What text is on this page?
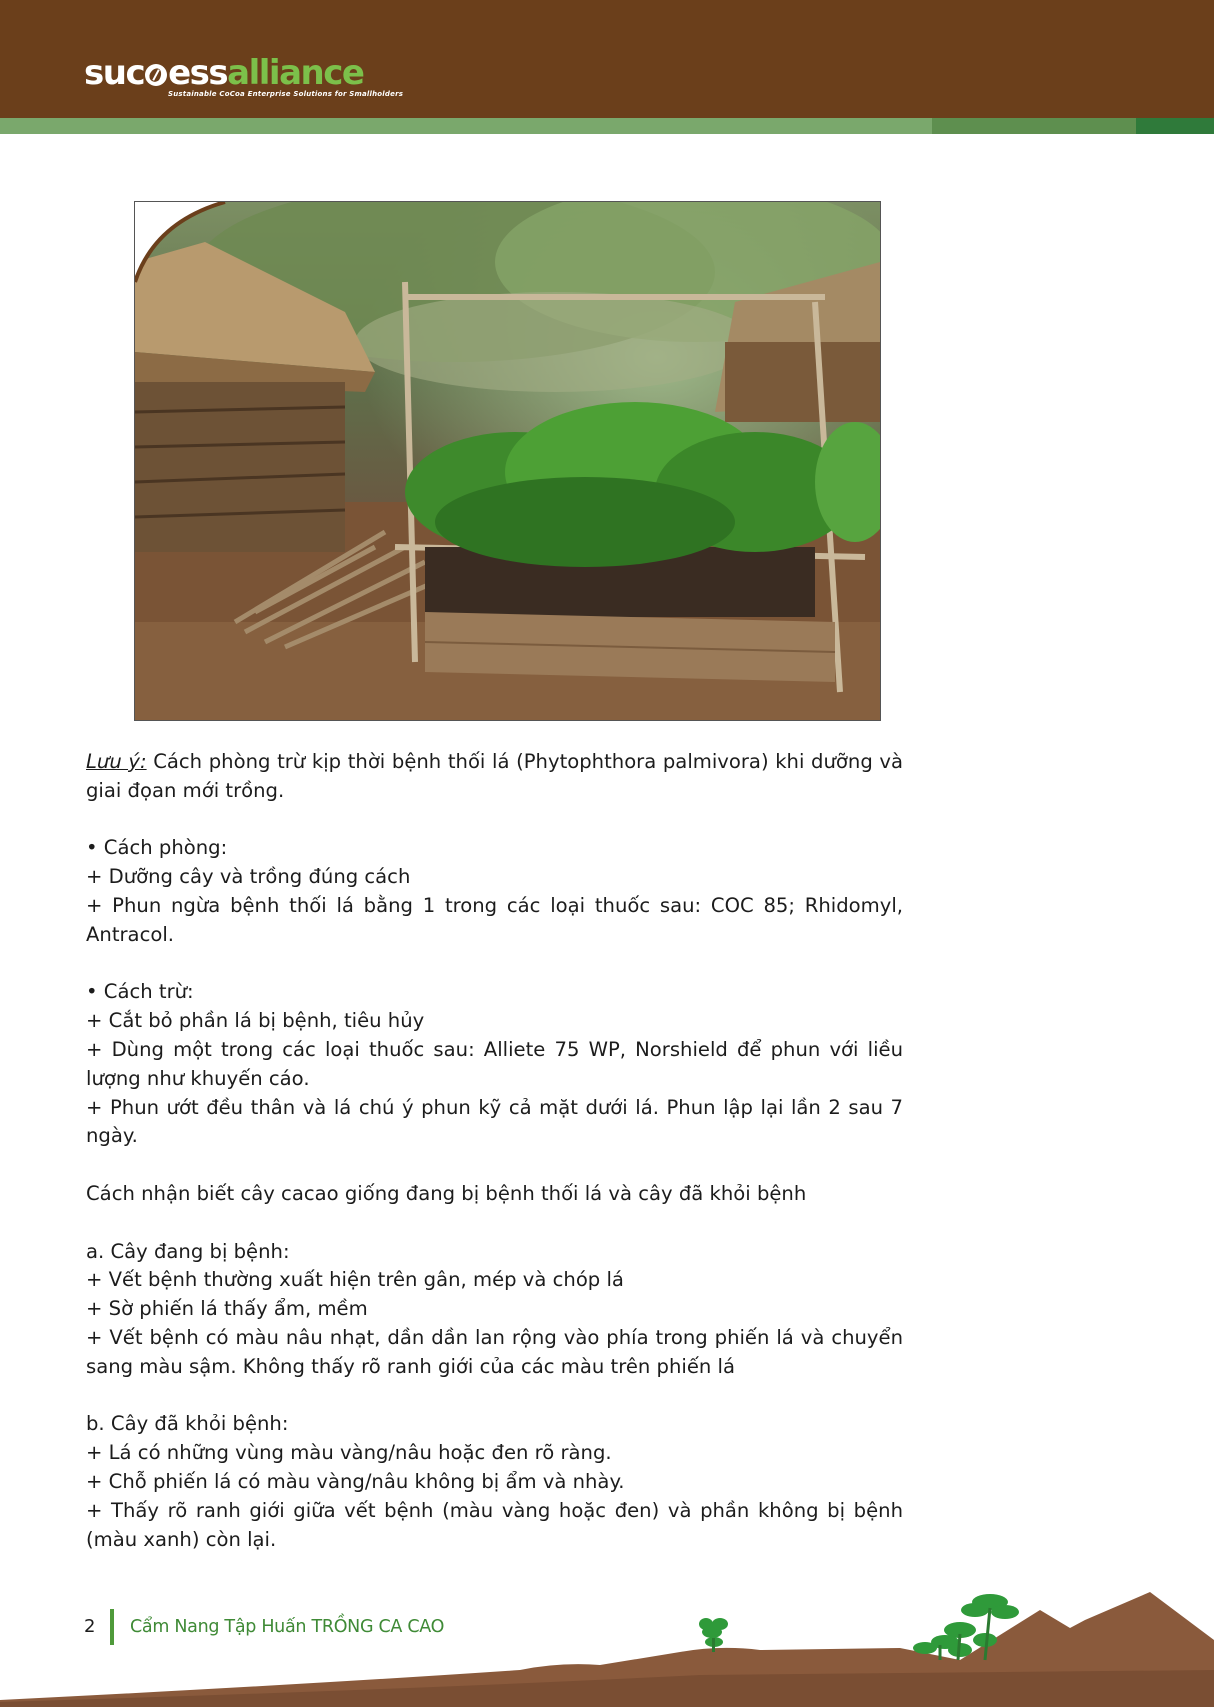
suc essalliance
Sustainable CoCoa Enterprise Solutions for Smallholders

Lưu ý: Cách phòng trừ kịp thời bệnh thối lá (Phytophthora palmivora) khi dưỡng và giai đọan mới trồng.

• Cách phòng:

+ Dưỡng cây và trồng đúng cách

+ Phun ngừa bệnh thối lá bằng 1 trong các loại thuốc sau: COC 85; Rhidomyl, Antracol.

• Cách trừ:

+ Cắt bỏ phần lá bị bệnh, tiêu hủy

+ Dùng một trong các loại thuốc sau: Alliete 75 WP, Norshield để phun với liều lượng như khuyến cáo.

+ Phun ướt đều thân và lá chú ý phun kỹ cả mặt dưới lá. Phun lập lại lần 2 sau 7 ngày.

Cách nhận biết cây cacao giống đang bị bệnh thối lá và cây đã khỏi bệnh

a. Cây đang bị bệnh:

+ Vết bệnh thường xuất hiện trên gân, mép và chóp lá

+ Sờ phiến lá thấy ẩm, mềm

+ Vết bệnh có màu nâu nhạt, dần dần lan rộng vào phía trong phiến lá và chuyển sang màu sậm. Không thấy rõ ranh giới của các màu trên phiến lá

b. Cây đã khỏi bệnh:

+ Lá có những vùng màu vàng/nâu hoặc đen rõ ràng.

+ Chỗ phiến lá có màu vàng/nâu không bị ẩm và nhày.

+ Thấy rõ ranh giới giữa vết bệnh (màu vàng hoặc đen) và phần không bị bệnh (màu xanh) còn lại.

2 Cẩm Nang Tập Huấn TRỒNG CA CAO
